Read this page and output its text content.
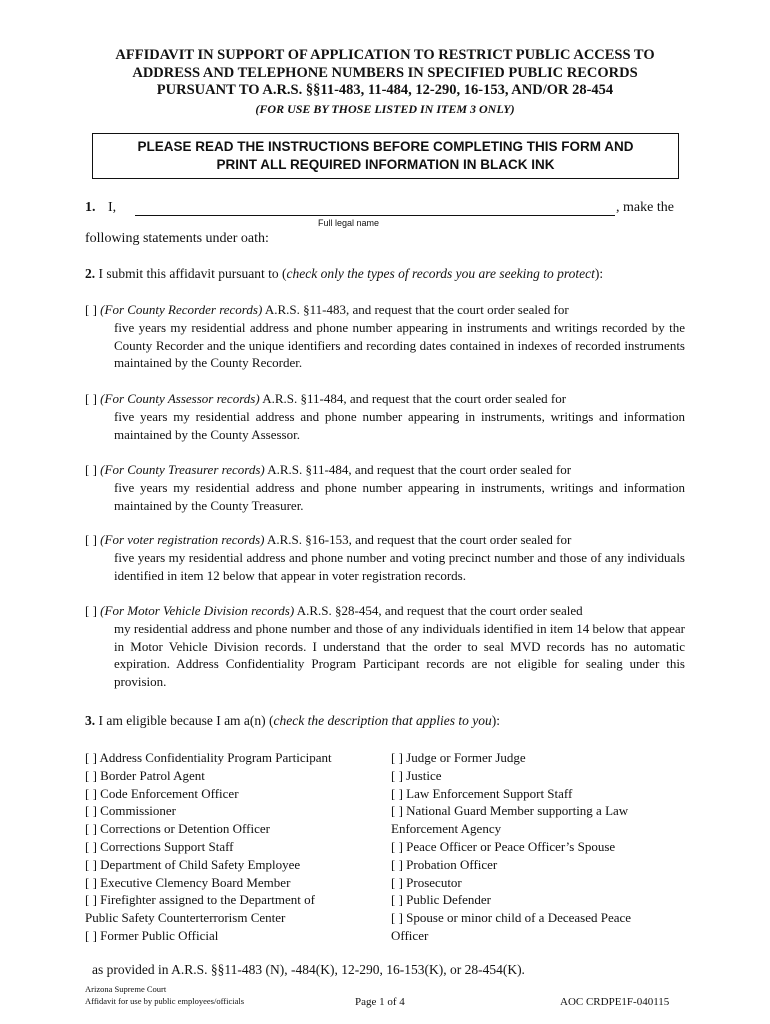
AFFIDAVIT IN SUPPORT OF APPLICATION TO RESTRICT PUBLIC ACCESS TO
ADDRESS AND TELEPHONE NUMBERS IN SPECIFIED PUBLIC RECORDS
PURSUANT TO A.R.S. §§11-483, 11-484, 12-290, 16-153, AND/OR 28-454
(FOR USE BY THOSE LISTED IN ITEM 3 ONLY)
PLEASE READ THE INSTRUCTIONS BEFORE COMPLETING THIS FORM AND
PRINT ALL REQUIRED INFORMATION IN BLACK INK
1. I,	, make the
Full legal name
following statements under oath:
2. I submit this affidavit pursuant to (check only the types of records you are seeking to protect):
[ ] (For County Recorder records) A.R.S. §11-483, and request that the court order sealed for
five years my residential address and phone number appearing in instruments and writings recorded by the County Recorder and the unique identifiers and recording dates contained in indexes of recorded instruments maintained by the County Recorder.
[ ] (For County Assessor records) A.R.S. §11-484, and request that the court order sealed for
five years my residential address and phone number appearing in instruments, writings and information maintained by the County Assessor.
[ ] (For County Treasurer records) A.R.S. §11-484, and request that the court order sealed for
five years my residential address and phone number appearing in instruments, writings and information maintained by the County Treasurer.
[ ] (For voter registration records) A.R.S. §16-153, and request that the court order sealed for
five years my residential address and phone number and voting precinct number and those of any individuals identified in item 12 below that appear in voter registration records.
[ ] (For Motor Vehicle Division records) A.R.S. §28-454, and request that the court order sealed
my residential address and phone number and those of any individuals identified in item 14 below that appear in Motor Vehicle Division records. I understand that the order to seal MVD records has no automatic expiration. Address Confidentiality Program Participant records are not eligible for sealing under this provision.
3. I am eligible because I am a(n) (check the description that applies to you):
[ ] Address Confidentiality Program Participant
[ ] Border Patrol Agent
[ ] Code Enforcement Officer
[ ] Commissioner
[ ] Corrections or Detention Officer
[ ] Corrections Support Staff
[ ] Department of Child Safety Employee
[ ] Executive Clemency Board Member
[ ] Firefighter assigned to the Department of
Public Safety Counterterrorism Center
[ ] Former Public Official
[ ] Judge or Former Judge
[ ] Justice
[ ] Law Enforcement Support Staff
[ ] National Guard Member supporting a Law
Enforcement Agency
[ ] Peace Officer or Peace Officer’s Spouse
[ ] Probation Officer
[ ] Prosecutor
[ ] Public Defender
[ ] Spouse or minor child of a Deceased Peace
Officer
as provided in A.R.S. §§11-483 (N), -484(K), 12-290, 16-153(K), or 28-454(K).
Arizona Supreme Court
Affidavit for use by public employees/officials	Page 1 of 4	AOC CRDPE1F-040115
